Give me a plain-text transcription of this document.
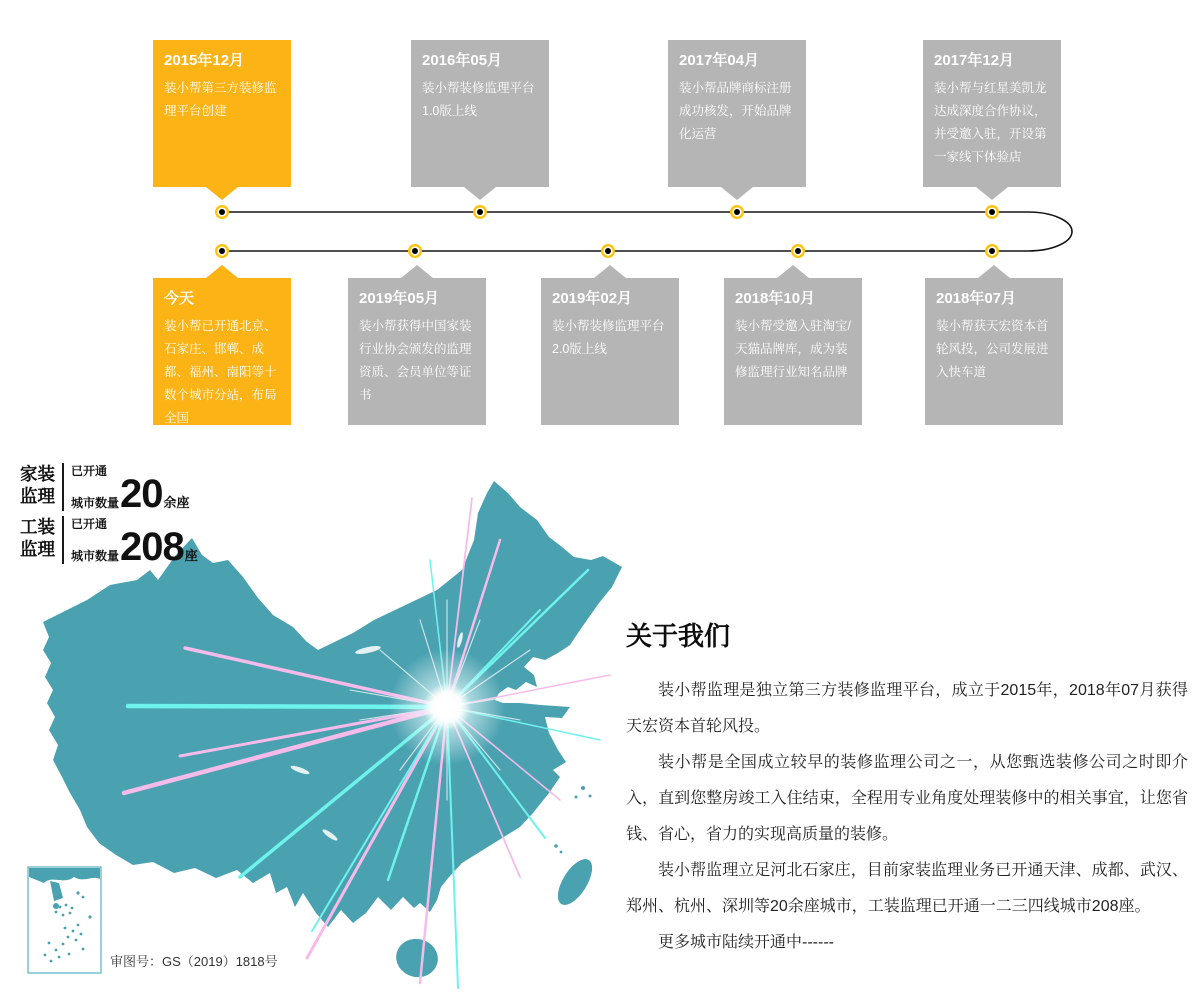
2015年12月
装小帮第三方装修监理平台创建
2016年05月
装小帮装修监理平台1.0版上线
2017年04月
装小帮品牌商标注册成功核发，开始品牌化运营
2017年12月
装小帮与红星美凯龙达成深度合作协议，并受邀入驻，开设第一家线下体验店
今天
装小帮已开通北京、石家庄、邯郸、成都、福州、南阳等十数个城市分站，布局全国
2019年05月
装小帮获得中国家装行业协会颁发的监理资质、会员单位等证书
2019年02月
装小帮装修监理平台2.0版上线
2018年10月
装小帮受邀入驻淘宝/天猫品牌库，成为装修监理行业知名品牌
2018年07月
装小帮获天宏资本首轮风投，公司发展进入快车道
家装
监理
已开通
城市数量 20 余座
工装
监理
已开通
城市数量 208 座
关于我们

装小帮监理是独立第三方装修监理平台，成立于2015年，2018年07月获得天宏资本首轮风投。

装小帮是全国成立较早的装修监理公司之一，从您甄选装修公司之时即介入，直到您整房竣工入住结束，全程用专业角度处理装修中的相关事宜，让您省钱、省心，省力的实现高质量的装修。

装小帮监理立足河北石家庄，目前家装监理业务已开通天津、成都、武汉、郑州、杭州、深圳等20余座城市，工装监理已开通一二三四线城市208座。

更多城市陆续开通中------

审图号：GS（2019）1818号
